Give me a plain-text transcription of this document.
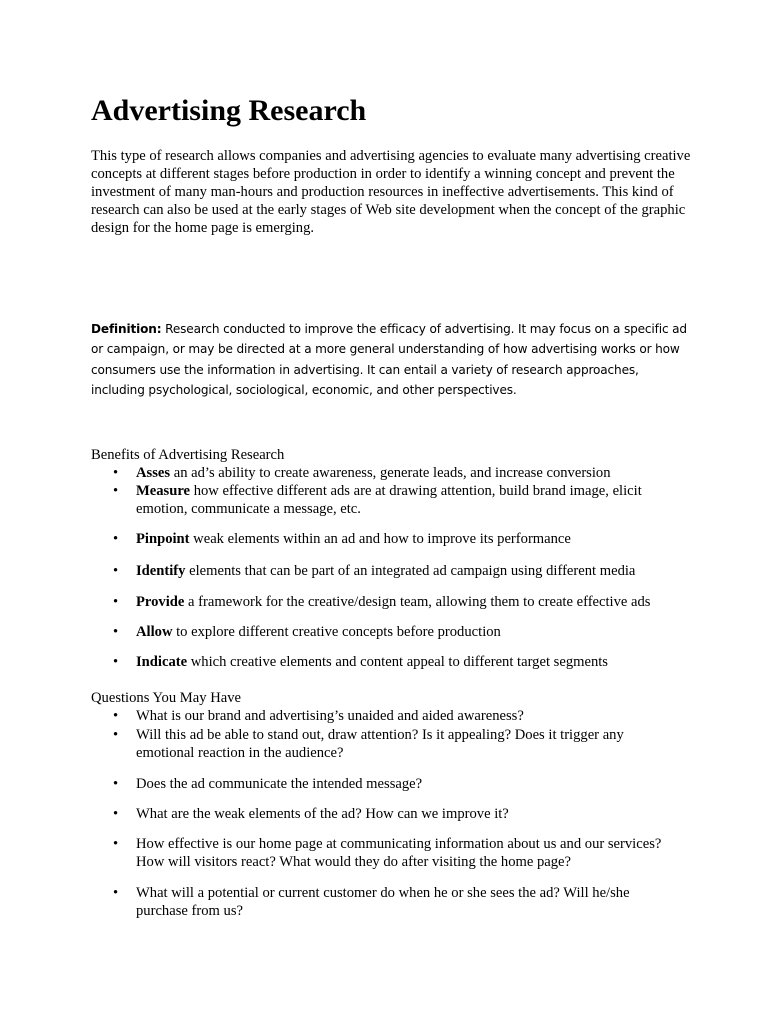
Advertising Research

This type of research allows companies and advertising agencies to evaluate many advertising creative concepts at different stages before production in order to identify a winning concept and prevent the investment of many man-hours and production resources in ineffective advertisements. This kind of research can also be used at the early stages of Web site development when the concept of the graphic design for the home page is emerging.

Definition: Research conducted to improve the efficacy of advertising. It may focus on a specific ad or campaign, or may be directed at a more general understanding of how advertising works or how consumers use the information in advertising. It can entail a variety of research approaches, including psychological, sociological, economic, and other perspectives.

Benefits of Advertising Research
• Asses an ad’s ability to create awareness, generate leads, and increase conversion

• Measure how effective different ads are at drawing attention, build brand image, elicit emotion, communicate a message, etc.

• Pinpoint weak elements within an ad and how to improve its performance

• Identify elements that can be part of an integrated ad campaign using different media

• Provide a framework for the creative/design team, allowing them to create effective ads

• Allow to explore different creative concepts before production

• Indicate which creative elements and content appeal to different target segments

Questions You May Have
• What is our brand and advertising’s unaided and aided awareness?

• Will this ad be able to stand out, draw attention? Is it appealing? Does it trigger any emotional reaction in the audience?

• Does the ad communicate the intended message?

• What are the weak elements of the ad? How can we improve it?

• How effective is our home page at communicating information about us and our services? How will visitors react? What would they do after visiting the home page?

• What will a potential or current customer do when he or she sees the ad? Will he/she purchase from us?
